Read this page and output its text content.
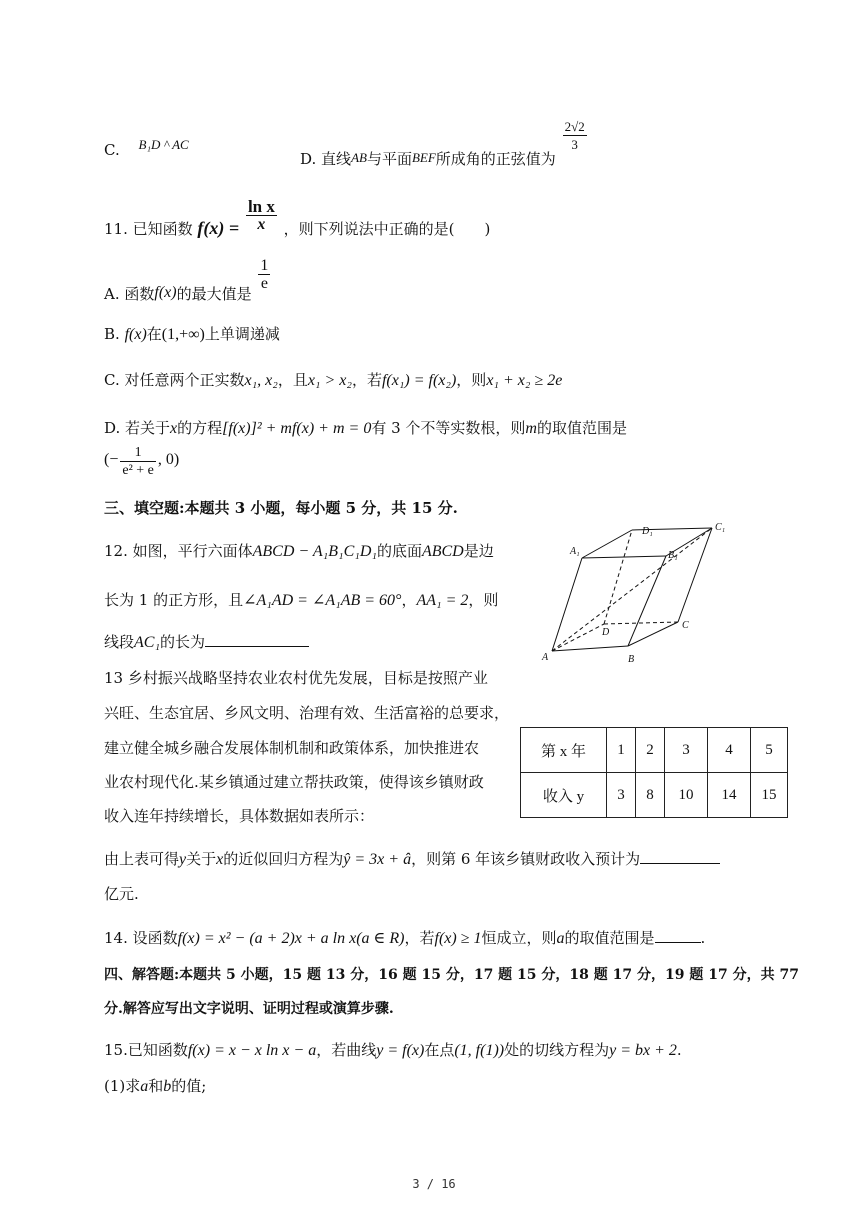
C. B₁D ^ AC
D. 直线AB与平面BEF所成角的正弦值为
$\frac{2√2}{3}$
11. 已知函数 $f(x) = \frac{\text{ln x}}{x}$ ，则下列说法中正确的是(　　)
A. 函数f(x)的最大值是
$\frac{1}{e}$
B. f(x)在(1,+∞)上单调递减
C. 对任意两个正实数x₁, x₂，且x₁ > x₂，若f(x₁) = f(x₂)，则x₁ + x₂ ≥ 2e
D. 若关于x的方程[f(x)]² + mf(x) + m = 0有 3 个不等实数根，则m的取值范围是
(− $\frac{1}{\text{e² + e}}$ , 0)
三、填空题:本题共 3 小题，每小题 5 分，共 15 分.
12. 如图，平行六面体ABCD − A₁B₁C₁D₁的底面ABCD是边
长为 1 的正方形，且∠A₁AD = ∠A₁AB = 60°，AA₁ = 2，则
线段AC₁的长为
A	B
C
D
A₁	B₁
C₁
D₁
13 乡村振兴战略坚持农业农村优先发展，目标是按照产业
兴旺、生态宜居、乡风文明、治理有效、生活富裕的总要求，
建立健全城乡融合发展体制机制和政策体系，加快推进农
业农村现代化.某乡镇通过建立帮扶政策，使得该乡镇财政
收入连年持续增长，具体数据如表所示：
第 x 年	1	2	3	4	5
收入 y	3	8	10	14	15
由上表可得y关于x的近似回归方程为ŷ = 3x + â，则第 6 年该乡镇财政收入预计为
亿元.
14. 设函数f(x) = x² − (a + 2)x + a ln x(a ∈ R)，若f(x) ≥ 1恒成立，则a的取值范围是	.
四、解答题:本题共 5 小题，15 题 13 分，16 题 15 分，17 题 15 分，18 题 17 分，19 题 17 分，共 77
分.解答应写出文字说明、证明过程或演算步骤.
15.已知函数f(x) = x − x ln x − a，若曲线y = f(x)在点(1, f(1))处的切线方程为y = bx + 2.
(1)求a和b的值;
3 / 16
